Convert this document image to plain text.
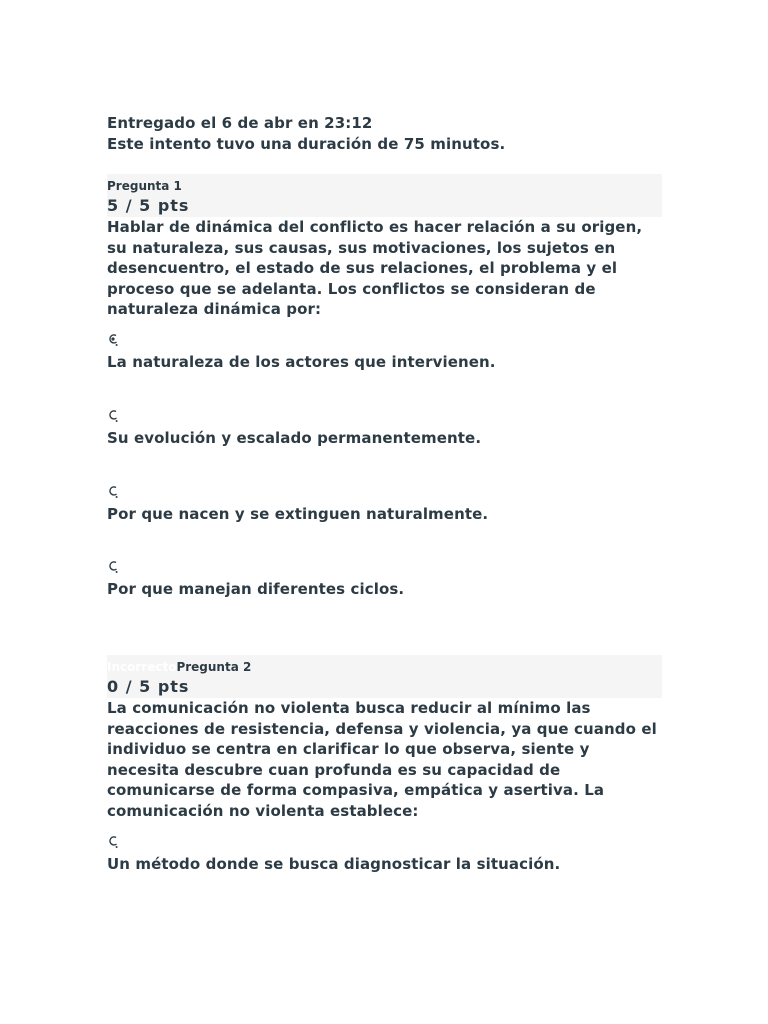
Entregado el 6 de abr en 23:12
Este intento tuvo una duración de 75 minutos.
Pregunta 1
5 / 5 pts
Hablar de dinámica del conflicto es hacer relación a su origen, su naturaleza, sus causas, sus motivaciones, los sujetos en desencuentro, el estado de sus relaciones, el problema y el proceso que se adelanta. Los conflictos se consideran de naturaleza dinámica por:
La naturaleza de los actores que intervienen.
Su evolución y escalado permanentemente.
Por que nacen y se extinguen naturalmente.
Por que manejan diferentes ciclos.
Incorrecto Pregunta 2
0 / 5 pts
La comunicación no violenta busca reducir al mínimo las reacciones de resistencia, defensa y violencia, ya que cuando el individuo se centra en clarificar lo que observa, siente y necesita descubre cuan profunda es su capacidad de comunicarse de forma compasiva, empática y asertiva. La comunicación no violenta establece:
Un método donde se busca diagnosticar la situación.
